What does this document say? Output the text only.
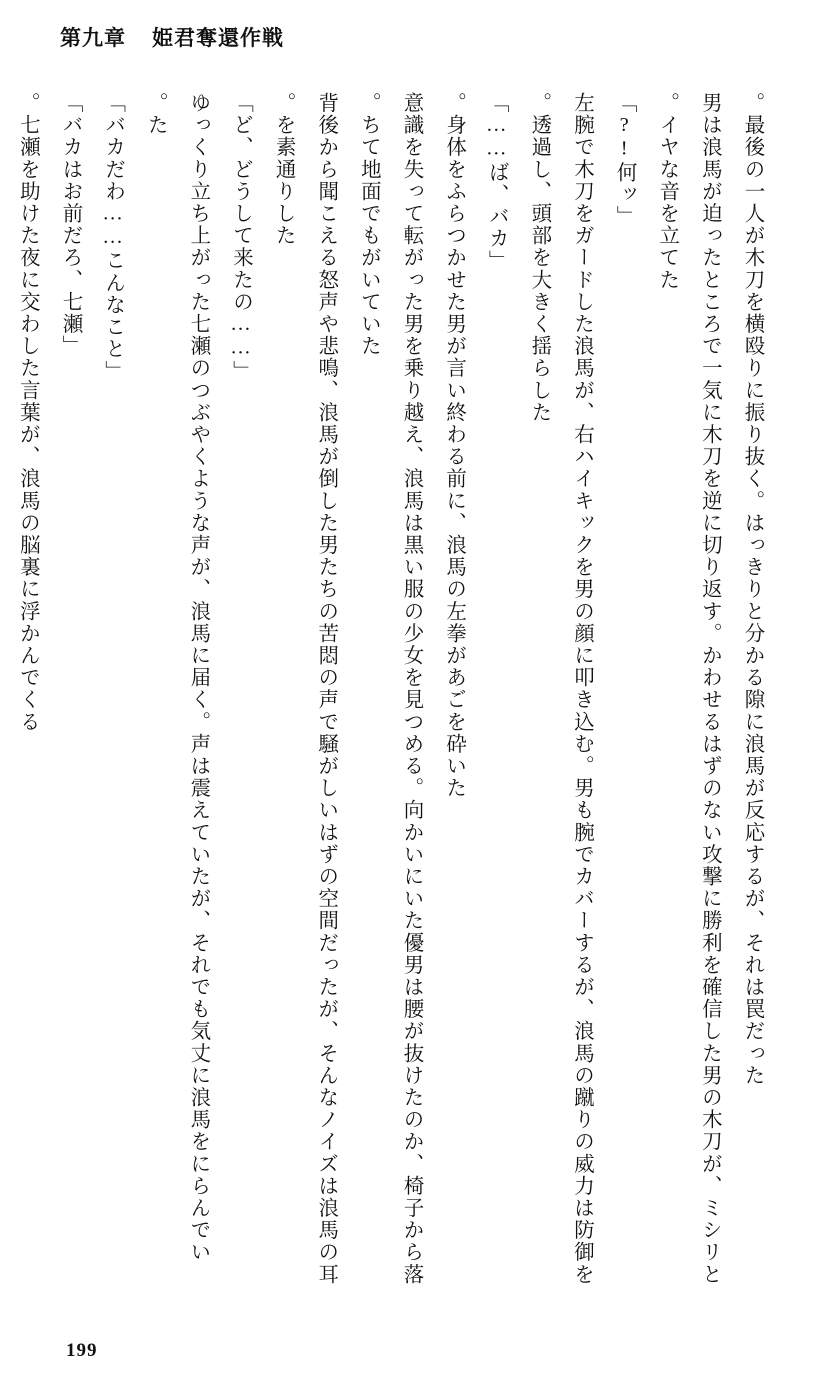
第九章 姫君奪還作戦

最後の一人が木刀を横殴りに振り抜く。はっきりと分かる隙に浪馬が反応するが、それは罠だった。

男は浪馬が迫ったところで一気に木刀を逆に切り返す。かわせるはずのない攻撃に勝利を確信した男の木刀が、ミシリとイヤな音を立てた。

「何ッ!?」

左腕で木刀をガードした浪馬が、右ハイキックを男の顔に叩き込む。男も腕でカバーするが、浪馬の蹴りの威力は防御を透過し、頭部を大きく揺らした。

「ば、バカ……」

身体をふらつかせた男が言い終わる前に、浪馬の左拳があごを砕いた。

意識を失って転がった男を乗り越え、浪馬は黒い服の少女を見つめる。向かいにいた優男は腰が抜けたのか、椅子から落ちて地面でもがいていた。

背後から聞こえる怒声や悲鳴、浪馬が倒した男たちの苦悶の声で騒がしいはずの空間だったが、そんなノイズは浪馬の耳を素通りした。

「……ど、どうして来たの」

ゆっくり立ち上がった七瀬のつぶやくような声が、浪馬に届く。声は震えていたが、それでも気丈に浪馬をにらんでいた。

「バカだわ……こんなこと」

「バカはお前だろ、七瀬」

七瀬を助けた夜に交わした言葉が、浪馬の脳裏に浮かんでくる。

199
